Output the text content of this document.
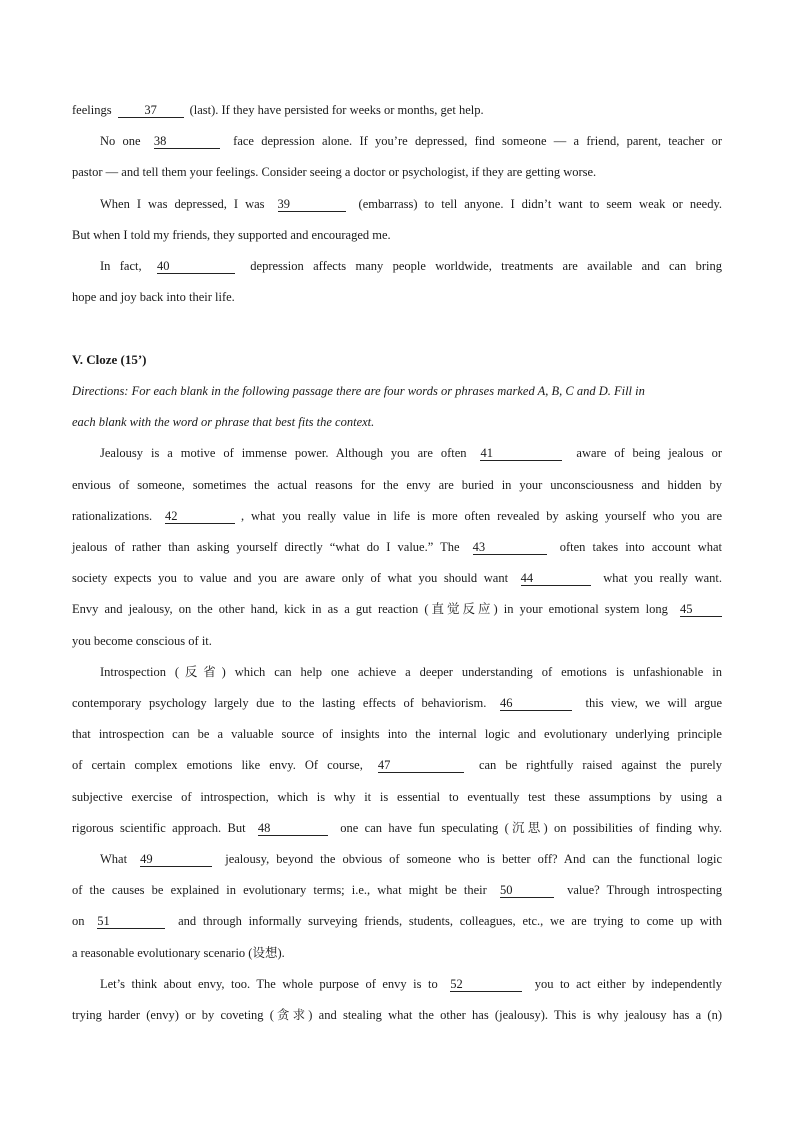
feelings	37	(last). If they have persisted for weeks or months, get help.
No one 38	face depression alone. If you’re depressed, find someone — a friend, parent, teacher or
pastor — and tell them your feelings. Consider seeing a doctor or psychologist, if they are getting worse.
When I was depressed, I was 39	(embarrass) to tell anyone. I didn’t want to seem weak or needy.
But when I told my friends, they supported and encouraged me.
In fact, 40	depression affects many people worldwide, treatments are available and can bring
hope and joy back into their life.
V. Cloze (15’)
Directions: For each blank in the following passage there are four words or phrases marked A, B, C and D. Fill in
each blank with the word or phrase that best fits the context.
Jealousy is a motive of immense power. Although you are often 41	aware of being jealous or
envious of someone, sometimes the actual reasons for the envy are buried in your unconsciousness and hidden by
rationalizations. 42	, what you really value in life is more often revealed by asking yourself who you are
jealous of rather than asking yourself directly “what do I value.” The 43	often takes into account what
society expects you to value and you are aware only of what you should want 44	what you really want.
Envy and jealousy, on the other hand, kick in as a gut reaction (直觉反应) in your emotional system long 45
you become conscious of it.
Introspection (反省) which can help one achieve a deeper understanding of emotions is unfashionable in
contemporary psychology largely due to the lasting effects of behaviorism. 46	this view, we will argue
that introspection can be a valuable source of insights into the internal logic and evolutionary underlying principle
of certain complex emotions like envy. Of course, 47	can be rightfully raised against the purely
subjective exercise of introspection, which is why it is essential to eventually test these assumptions by using a
rigorous scientific approach. But 48	one can have fun speculating (沉思) on possibilities of finding why.
What 49	jealousy, beyond the obvious of someone who is better off? And can the functional logic
of the causes be explained in evolutionary terms; i.e., what might be their 50	value? Through introspecting
on 51	and through informally surveying friends, students, colleagues, etc., we are trying to come up with
a reasonable evolutionary scenario (设想).
Let’s think about envy, too. The whole purpose of envy is to 52	you to act either by independently
trying harder (envy) or by coveting (贪求) and stealing what the other has (jealousy). This is why jealousy has a (n)
